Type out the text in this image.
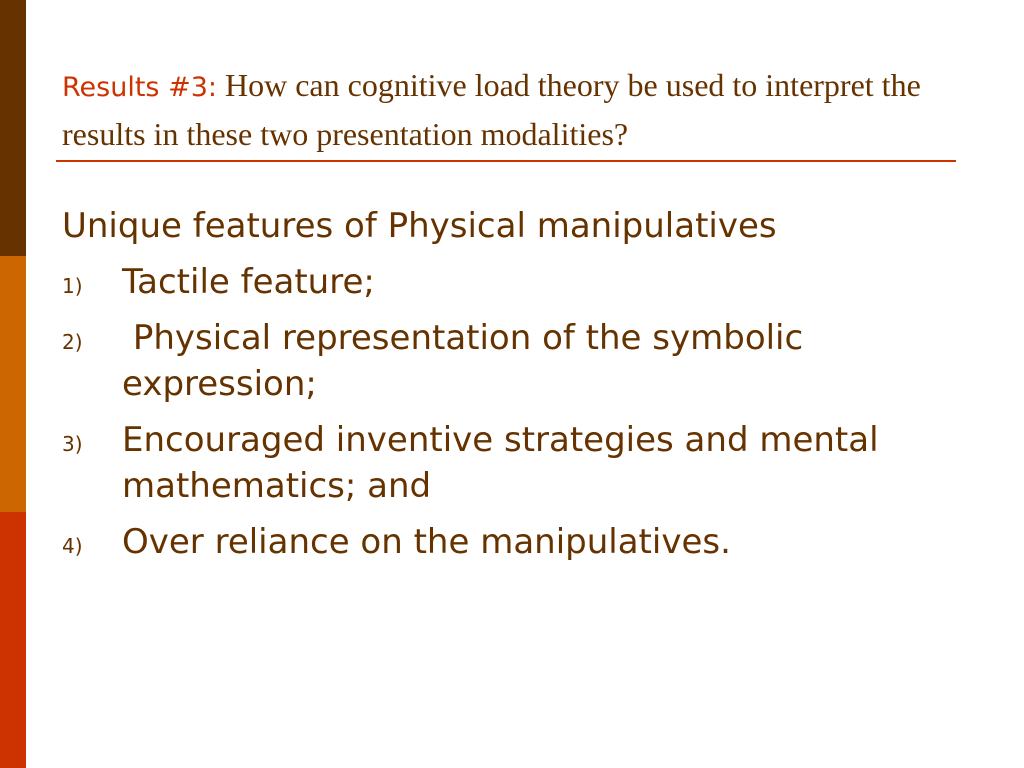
Results #3: How can cognitive load theory be used to interpret the results in these two presentation modalities?
Unique features of Physical manipulatives
1)	Tactile feature;
2)	Physical representation of the symbolic expression;
3)	Encouraged inventive strategies and mental mathematics; and
4)	Over reliance on the manipulatives.
